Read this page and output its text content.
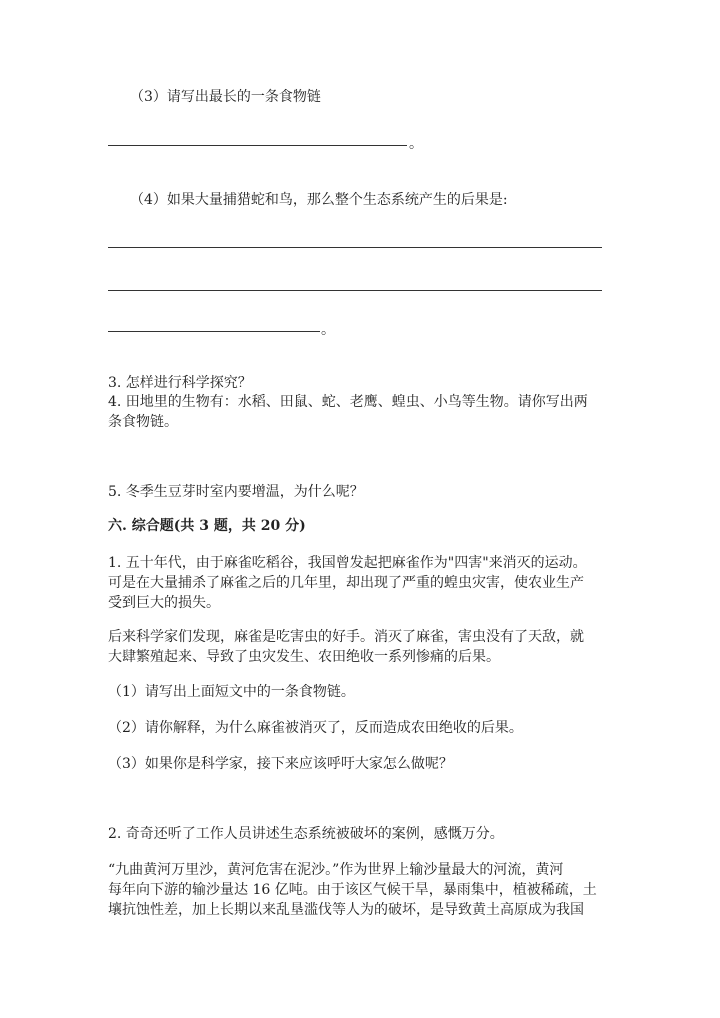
（3）请写出最长的一条食物链
。
（4）如果大量捕猎蛇和鸟，那么整个生态系统产生的后果是:
。
3. 怎样进行科学探究？
4. 田地里的生物有：水稻、田鼠、蛇、老鹰、蝗虫、小鸟等生物。请你写出两
条食物链。
5. 冬季生豆芽时室内要增温，为什么呢？
六. 综合题(共 3 题，共 20 分)
1. 五十年代，由于麻雀吃稻谷，我国曾发起把麻雀作为"四害"来消灭的运动。
可是在大量捕杀了麻雀之后的几年里，却出现了严重的蝗虫灾害，使农业生产
受到巨大的损失。
后来科学家们发现，麻雀是吃害虫的好手。消灭了麻雀，害虫没有了天敌，就
大肆繁殖起来、导致了虫灾发生、农田绝收一系列惨痛的后果。
（1）请写出上面短文中的一条食物链。
（2）请你解释，为什么麻雀被消灭了，反而造成农田绝收的后果。
（3）如果你是科学家，接下来应该呼吁大家怎么做呢？
2. 奇奇还听了工作人员讲述生态系统被破坏的案例，感慨万分。
“九曲黄河万里沙，黄河危害在泥沙。”作为世界上输沙量最大的河流，黄河
每年向下游的输沙量达 16 亿吨。由于该区气候干旱，暴雨集中，植被稀疏，土
壤抗蚀性差，加上长期以来乱垦滥伐等人为的破坏，是导致黄土高原成为我国
